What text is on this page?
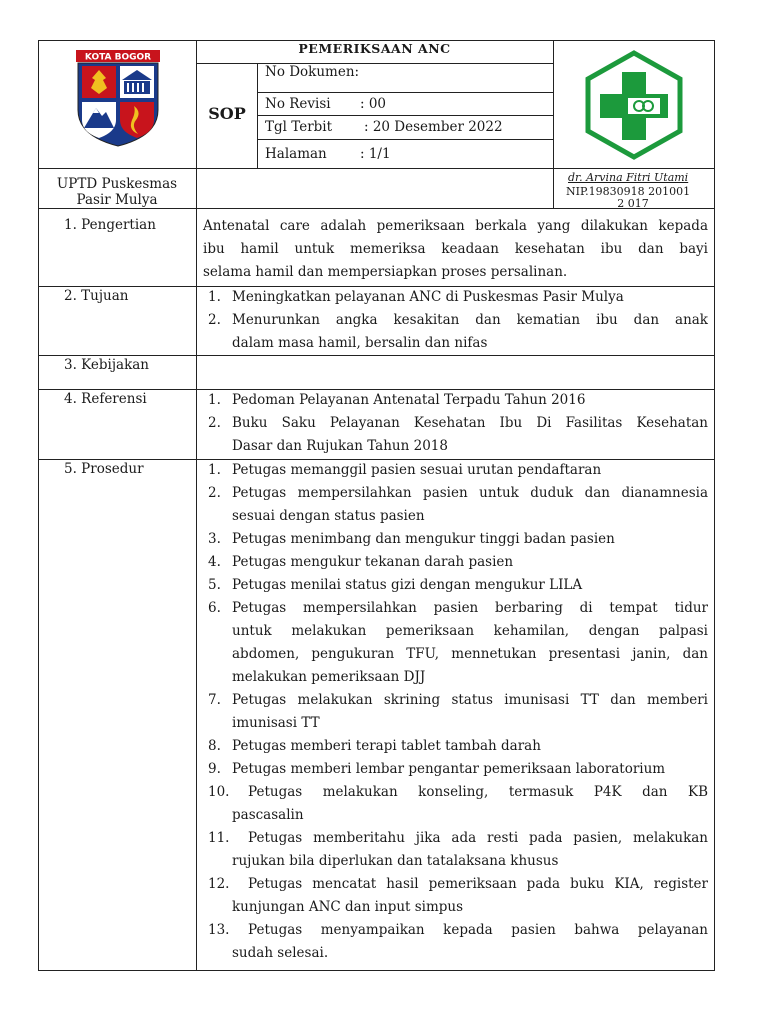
KOTA BOGOR
PEMERIKSAAN ANC
SOP
No Dokumen:
No Revisi : 00
Tgl Terbit : 20 Desember 2022
Halaman : 1/1
UPTD Puskesmas
Pasir Mulya
dr. Arvina Fitri Utami
NIP.19830918 201001
2 017
1. Pengertian
2. Tujuan
3. Kebijakan
4. Referensi
5. Prosedur
Antenatal care adalah pemeriksaan berkala yang dilakukan kepada
ibu hamil untuk memeriksa keadaan kesehatan ibu dan bayi
selama hamil dan mempersiapkan proses persalinan.
1. Meningkatkan pelayanan ANC di Puskesmas Pasir Mulya
2. Menurunkan angka kesakitan dan kematian ibu dan anak
dalam masa hamil, bersalin dan nifas
1. Pedoman Pelayanan Antenatal Terpadu Tahun 2016
2. Buku Saku Pelayanan Kesehatan Ibu Di Fasilitas Kesehatan
Dasar dan Rujukan Tahun 2018
1. Petugas memanggil pasien sesuai urutan pendaftaran
2. Petugas mempersilahkan pasien untuk duduk dan dianamnesia
sesuai dengan status pasien
3. Petugas menimbang dan mengukur tinggi badan pasien
4. Petugas mengukur tekanan darah pasien
5. Petugas menilai status gizi dengan mengukur LILA
6. Petugas mempersilahkan pasien berbaring di tempat tidur
untuk melakukan pemeriksaan kehamilan, dengan palpasi
abdomen, pengukuran TFU, mennetukan presentasi janin, dan
melakukan pemeriksaan DJJ
7. Petugas melakukan skrining status imunisasi TT dan memberi
imunisasi TT
8. Petugas memberi terapi tablet tambah darah
9. Petugas memberi lembar pengantar pemeriksaan laboratorium
10. Petugas melakukan konseling, termasuk P4K dan KB
pascasalin
11. Petugas memberitahu jika ada resti pada pasien, melakukan
rujukan bila diperlukan dan tatalaksana khusus
12. Petugas mencatat hasil pemeriksaan pada buku KIA, register
kunjungan ANC dan input simpus
13. Petugas menyampaikan kepada pasien bahwa pelayanan
sudah selesai.
